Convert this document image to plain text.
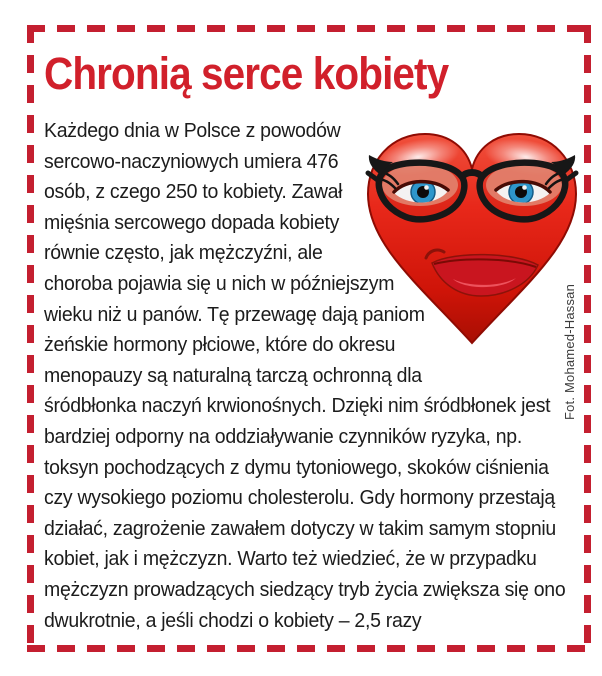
Chronią serce kobiety
Każdego dnia w Polsce z powodów
sercowo-naczyniowych umiera 476
osób, z czego 250 to kobiety. Zawał
mięśnia sercowego dopada kobiety
równie często, jak mężczyźni, ale
choroba pojawia się u nich w późniejszym
wieku niż u panów. Tę przewagę dają paniom
żeńskie hormony płciowe, które do okresu
menopauzy są naturalną tarczą ochronną dla
śródbłonka naczyń krwionośnych. Dzięki nim śródbłonek jest
bardziej odporny na oddziaływanie czynników ryzyka, np.
toksyn pochodzących z dymu tytoniowego, skoków ciśnienia
czy wysokiego poziomu cholesterolu. Gdy hormony przestają
działać, zagrożenie zawałem dotyczy w takim samym stopniu
kobiet, jak i mężczyzn. Warto też wiedzieć, że w przypadku
mężczyzn prowadzących siedzący tryb życia zwiększa się ono
dwukrotnie, a jeśli chodzi o kobiety – 2,5 razy
Fot. Mohamed-Hassan
